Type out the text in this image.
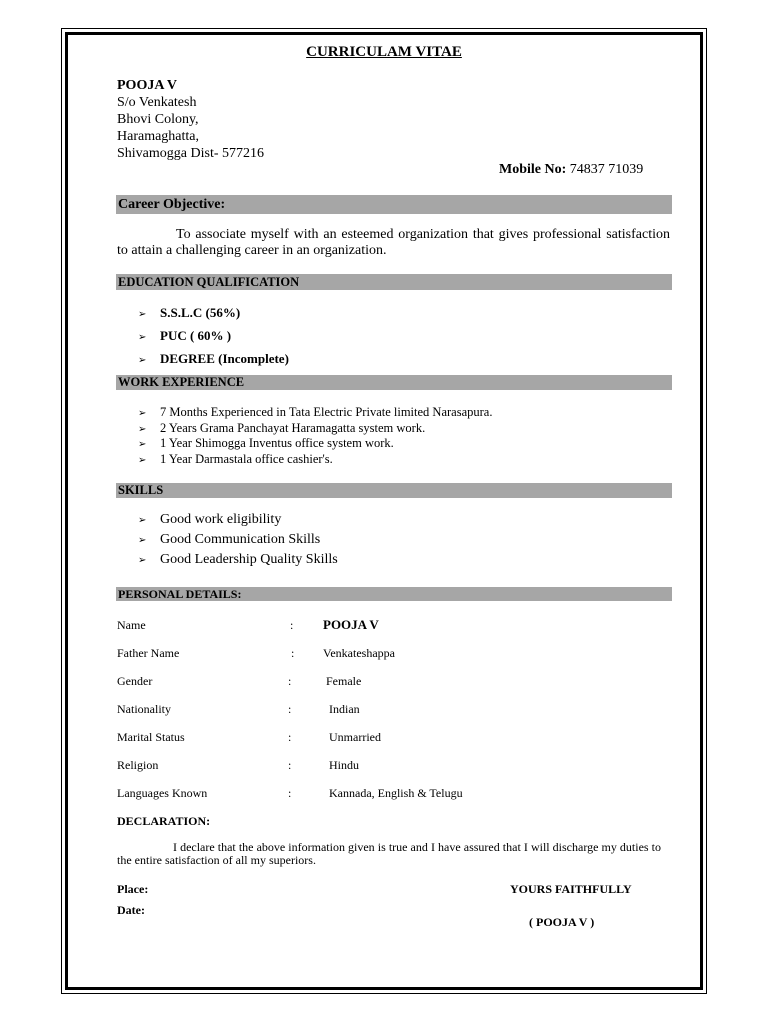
CURRICULAM VITAE
POOJA V
S/o Venkatesh
Bhovi Colony,
Haramaghatta,
Shivamogga Dist- 577216
Mobile No: 74837 71039
Career Objective:
To associate myself with an esteemed organization that gives professional satisfaction to attain a challenging career in an organization.
EDUCATION QUALIFICATION
➢ S.S.L.C (56%)
➢ PUC ( 60% )
➢ DEGREE (Incomplete)
WORK EXPERIENCE
➢ 7 Months Experienced in Tata Electric Private limited Narasapura.
➢ 2 Years Grama Panchayat Haramagatta system work.
➢ 1 Year Shimogga Inventus office system work.
➢ 1 Year Darmastala office cashier's.
SKILLS
➢ Good work eligibility
➢ Good Communication Skills
➢ Good Leadership Quality Skills
PERSONAL DETAILS:
Name	: POOJA V
Father Name	: Venkateshappa
Gender	:	Female
Nationality	:	Indian
Marital Status	:	Unmarried
Religion	:	Hindu
Languages Known	:	Kannada, English & Telugu
DECLARATION:
I declare that the above information given is true and I have assured that I will discharge my duties to the entire satisfaction of all my superiors.
Place:
Date:
YOURS FAITHFULLY
( POOJA V )
